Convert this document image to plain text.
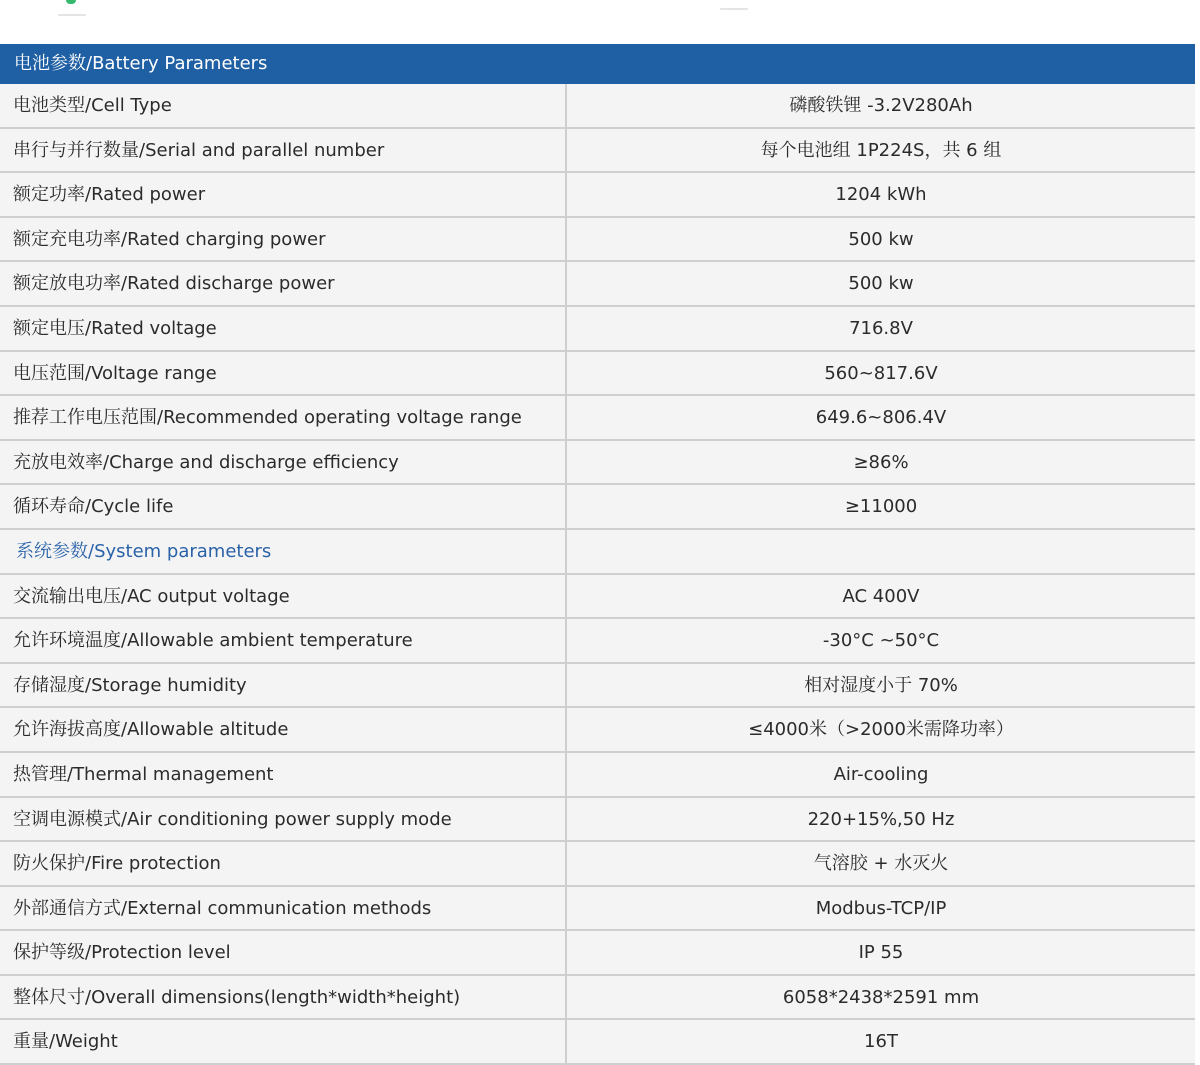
电池参数/Battery Parameters
电池类型/Cell Type	磷酸铁锂 -3.2V280Ah
串行与并行数量/Serial and parallel number	每个电池组 1P224S，共 6 组
额定功率/Rated power	1204 kWh
额定充电功率/Rated charging power	500 kw
额定放电功率/Rated discharge power	500 kw
额定电压/Rated voltage	716.8V
电压范围/Voltage range	560~817.6V
推荐工作电压范围/Recommended operating voltage range	649.6~806.4V
充放电效率/Charge and discharge efficiency	≥86%
循环寿命/Cycle life	≥11000
系统参数/System parameters
交流输出电压/AC output voltage	AC 400V
允许环境温度/Allowable ambient temperature	-30°C ~50°C
存储湿度/Storage humidity	相对湿度小于 70%
允许海拔高度/Allowable altitude	≤4000米（>2000米需降功率）
热管理/Thermal management	Air-cooling
空调电源模式/Air conditioning power supply mode	220+15%,50 Hz
防火保护/Fire protection	气溶胶 + 水灭火
外部通信方式/External communication methods	Modbus-TCP/IP
保护等级/Protection level	IP 55
整体尺寸/Overall dimensions(length*width*height)	6058*2438*2591 mm
重量/Weight	16T
